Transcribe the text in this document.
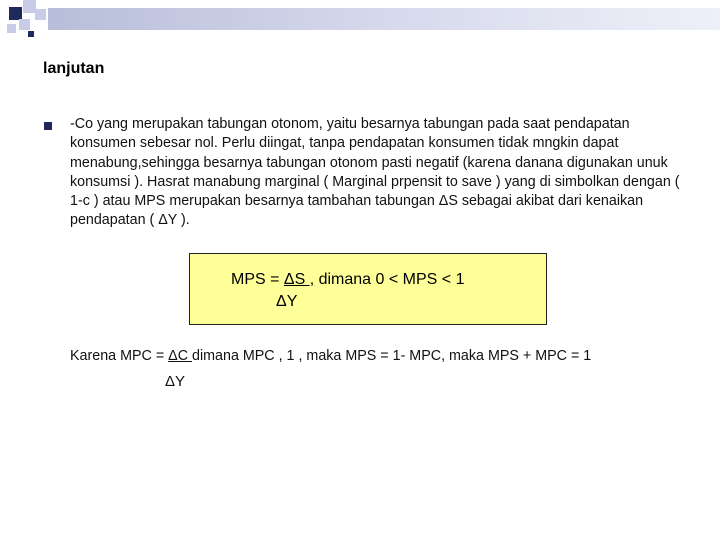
lanjutan
-Co yang merupakan tabungan otonom, yaitu besarnya tabungan pada saat pendapatan konsumen sebesar nol. Perlu diingat, tanpa pendapatan konsumen tidak mngkin dapat menabung,sehingga besarnya tabungan otonom pasti negatif (karena danana digunakan unuk konsumsi ). Hasrat manabung marginal ( Marginal prpensit to save ) yang di simbolkan dengan ( 1-c ) atau MPS merupakan besarnya tambahan tabungan ΔS sebagai akibat dari kenaikan pendapatan ( ΔY ).
MPS = ΔS , dimana 0 < MPS < 1
ΔY
Karena MPC = ΔC dimana MPC , 1 , maka MPS = 1- MPC, maka MPS + MPC = 1
ΔY
